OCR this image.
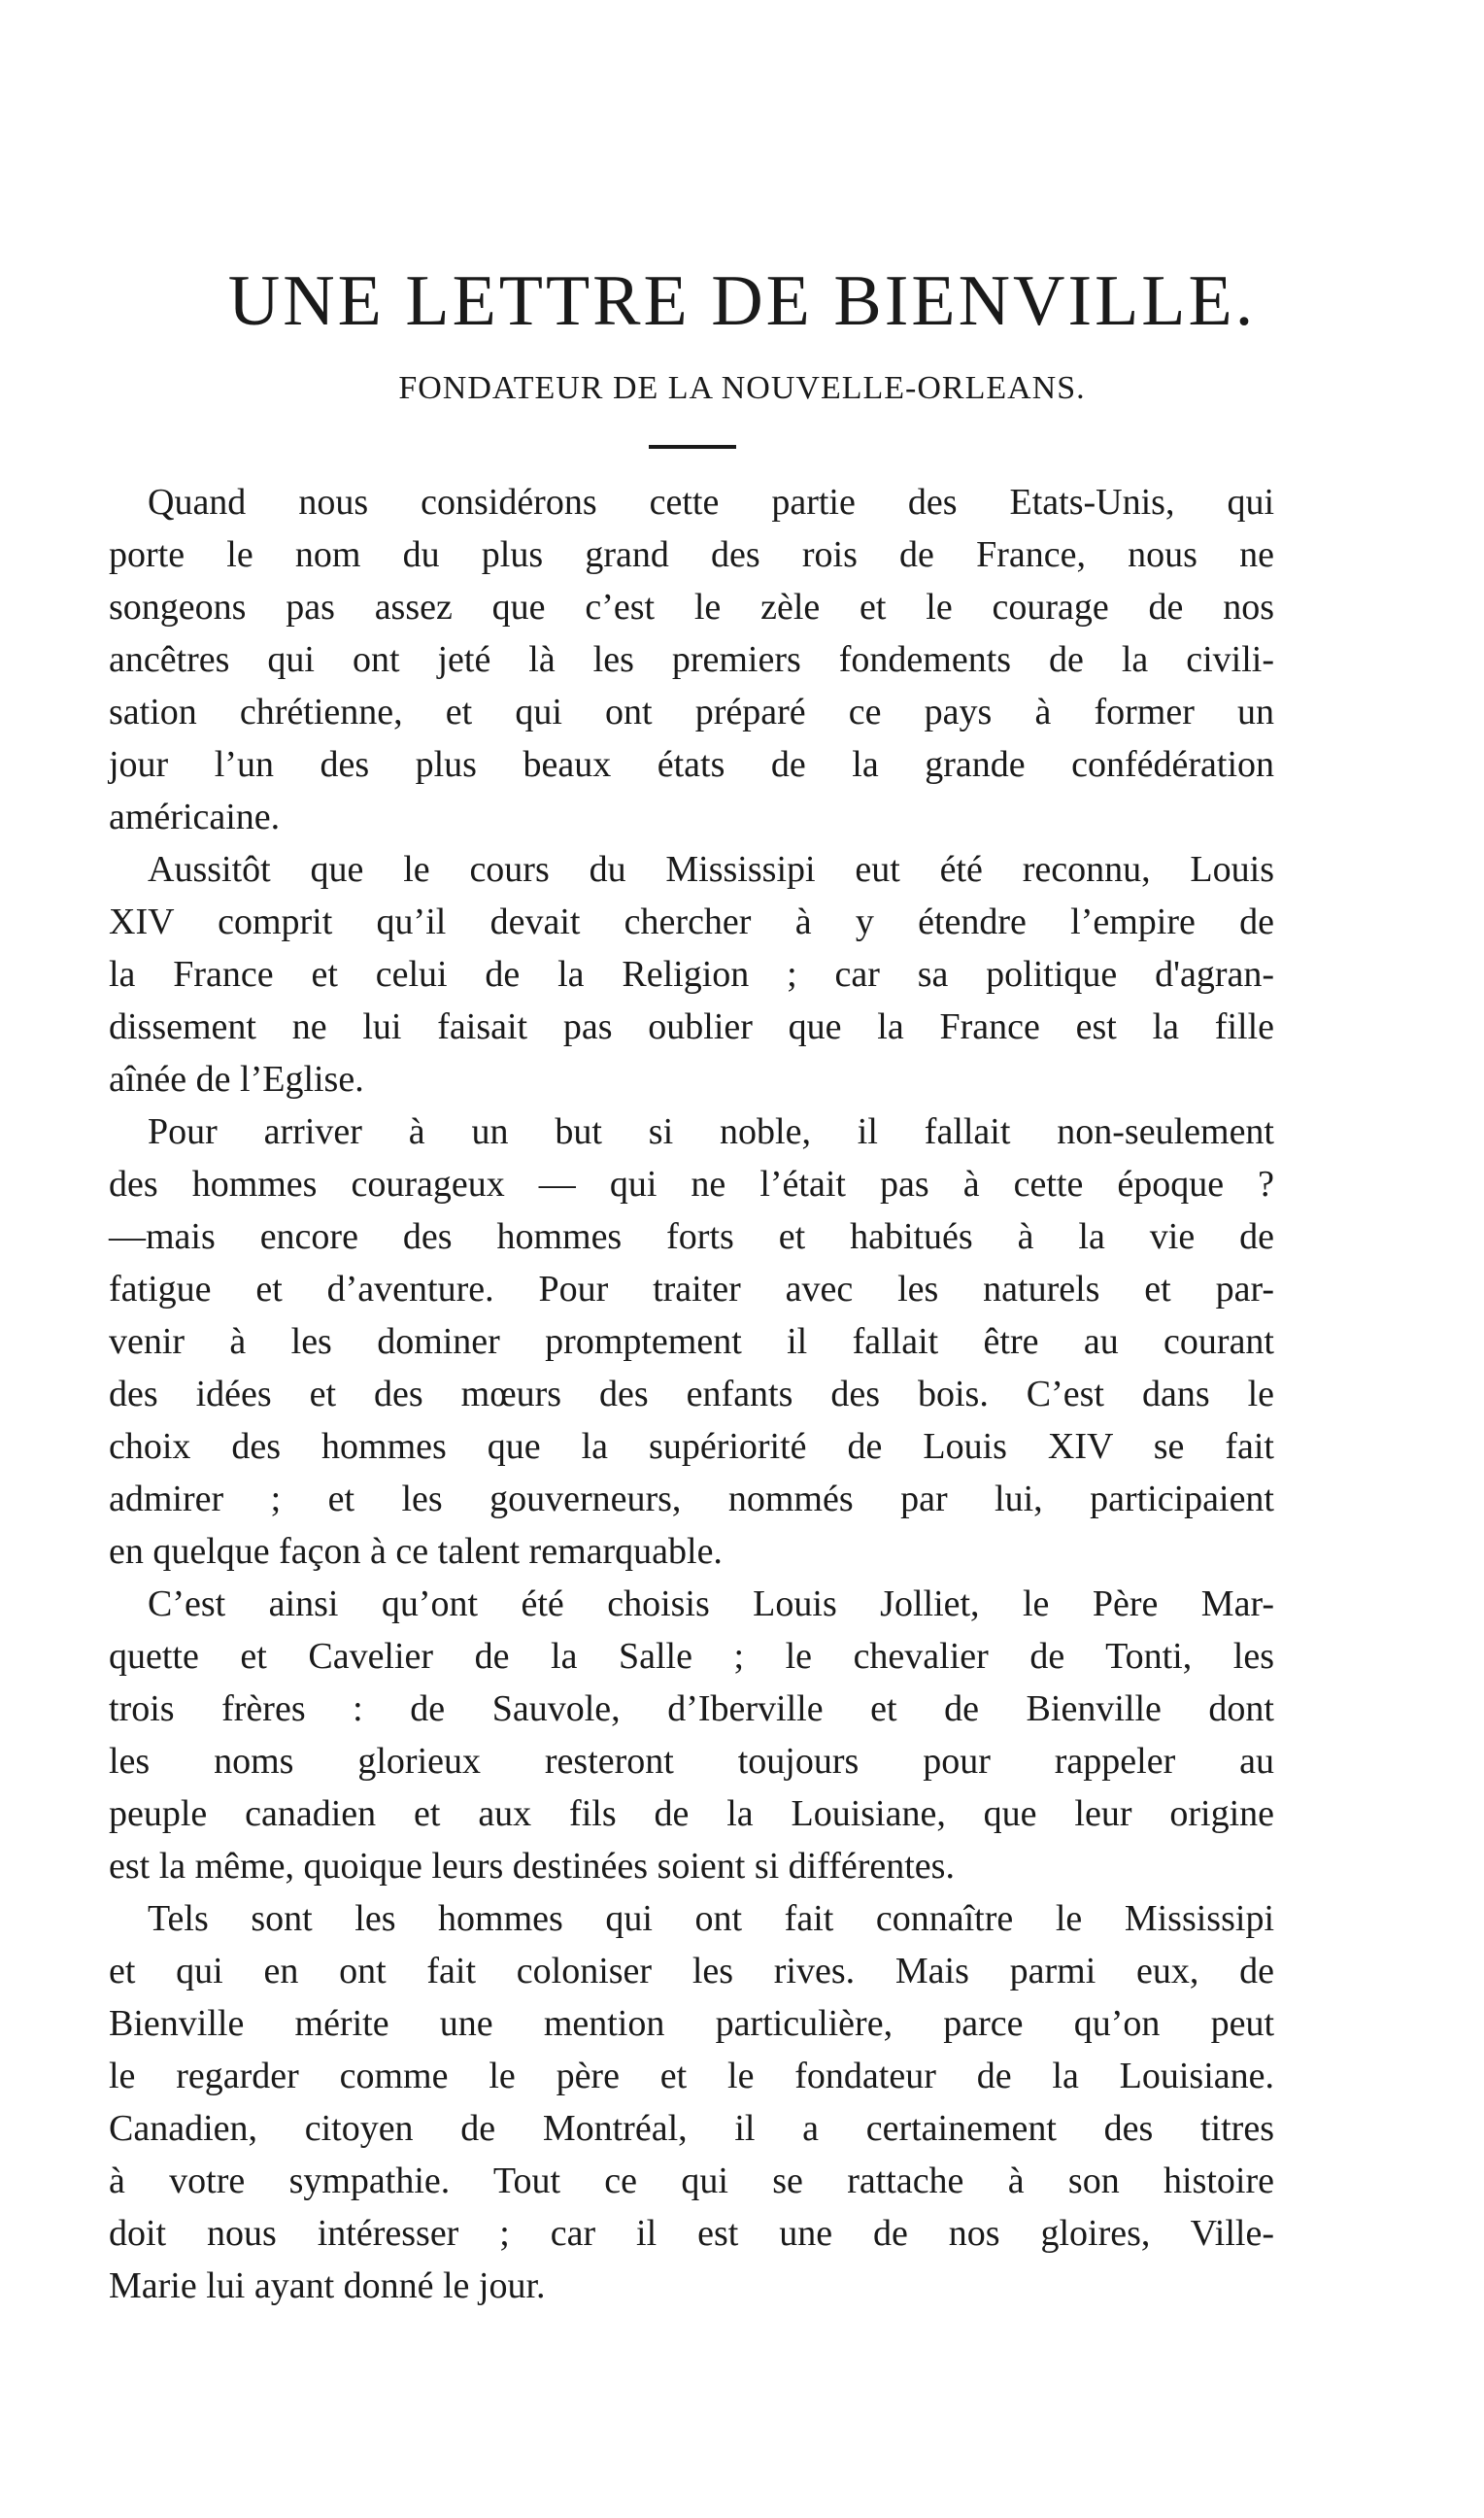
UNE LETTRE DE BIENVILLE.
FONDATEUR DE LA NOUVELLE-ORLEANS.
Quand nous considérons cette partie des Etats-Unis, qui
porte le nom du plus grand des rois de France, nous ne
songeons pas assez que c’est le zèle et le courage de nos
ancêtres qui ont jeté là les premiers fondements de la civili-
sation chrétienne, et qui ont préparé ce pays à former un
jour l’un des plus beaux états de la grande confédération
américaine.
Aussitôt que le cours du Mississipi eut été reconnu, Louis
XIV comprit qu’il devait chercher à y étendre l’empire de
la France et celui de la Religion ; car sa politique d'agran-
dissement ne lui faisait pas oublier que la France est la fille
aînée de l’Eglise.
Pour arriver à un but si noble, il fallait non-seulement
des hommes courageux — qui ne l’était pas à cette époque ?
—mais encore des hommes forts et habitués à la vie de
fatigue et d’aventure. Pour traiter avec les naturels et par-
venir à les dominer promptement il fallait être au courant
des idées et des mœurs des enfants des bois. C’est dans le
choix des hommes que la supériorité de Louis XIV se fait
admirer ; et les gouverneurs, nommés par lui, participaient
en quelque façon à ce talent remarquable.
C’est ainsi qu’ont été choisis Louis Jolliet, le Père Mar-
quette et Cavelier de la Salle ; le chevalier de Tonti, les
trois frères : de Sauvole, d’Iberville et de Bienville dont
les noms glorieux resteront toujours pour rappeler au
peuple canadien et aux fils de la Louisiane, que leur origine
est la même, quoique leurs destinées soient si différentes.
Tels sont les hommes qui ont fait connaître le Mississipi
et qui en ont fait coloniser les rives. Mais parmi eux, de
Bienville mérite une mention particulière, parce qu’on peut
le regarder comme le père et le fondateur de la Louisiane.
Canadien, citoyen de Montréal, il a certainement des titres
à votre sympathie. Tout ce qui se rattache à son histoire
doit nous intéresser ; car il est une de nos gloires, Ville-
Marie lui ayant donné le jour.
